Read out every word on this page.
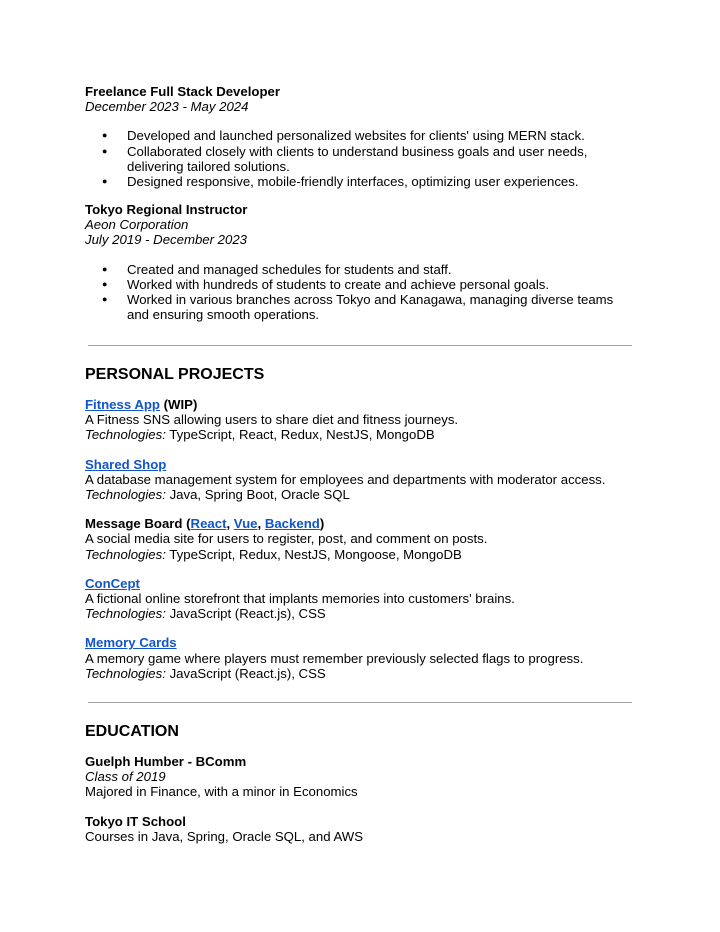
Freelance Full Stack Developer
December 2023 - May 2024
● Developed and launched personalized websites for clients' using MERN stack.
● Collaborated closely with clients to understand business goals and user needs, delivering tailored solutions.
● Designed responsive, mobile-friendly interfaces, optimizing user experiences.
Tokyo Regional Instructor
Aeon Corporation
July 2019 - December 2023
● Created and managed schedules for students and staff.
● Worked with hundreds of students to create and achieve personal goals.
● Worked in various branches across Tokyo and Kanagawa, managing diverse teams and ensuring smooth operations.
PERSONAL PROJECTS
Fitness App (WIP)
A Fitness SNS allowing users to share diet and fitness journeys.
Technologies: TypeScript, React, Redux, NestJS, MongoDB
Shared Shop
A database management system for employees and departments with moderator access.
Technologies: Java, Spring Boot, Oracle SQL
Message Board (React, Vue, Backend)
A social media site for users to register, post, and comment on posts.
Technologies: TypeScript, Redux, NestJS, Mongoose, MongoDB
ConCept
A fictional online storefront that implants memories into customers' brains.
Technologies: JavaScript (React.js), CSS
Memory Cards
A memory game where players must remember previously selected flags to progress.
Technologies: JavaScript (React.js), CSS
EDUCATION
Guelph Humber - BComm
Class of 2019
Majored in Finance, with a minor in Economics
Tokyo IT School
Courses in Java, Spring, Oracle SQL, and AWS
